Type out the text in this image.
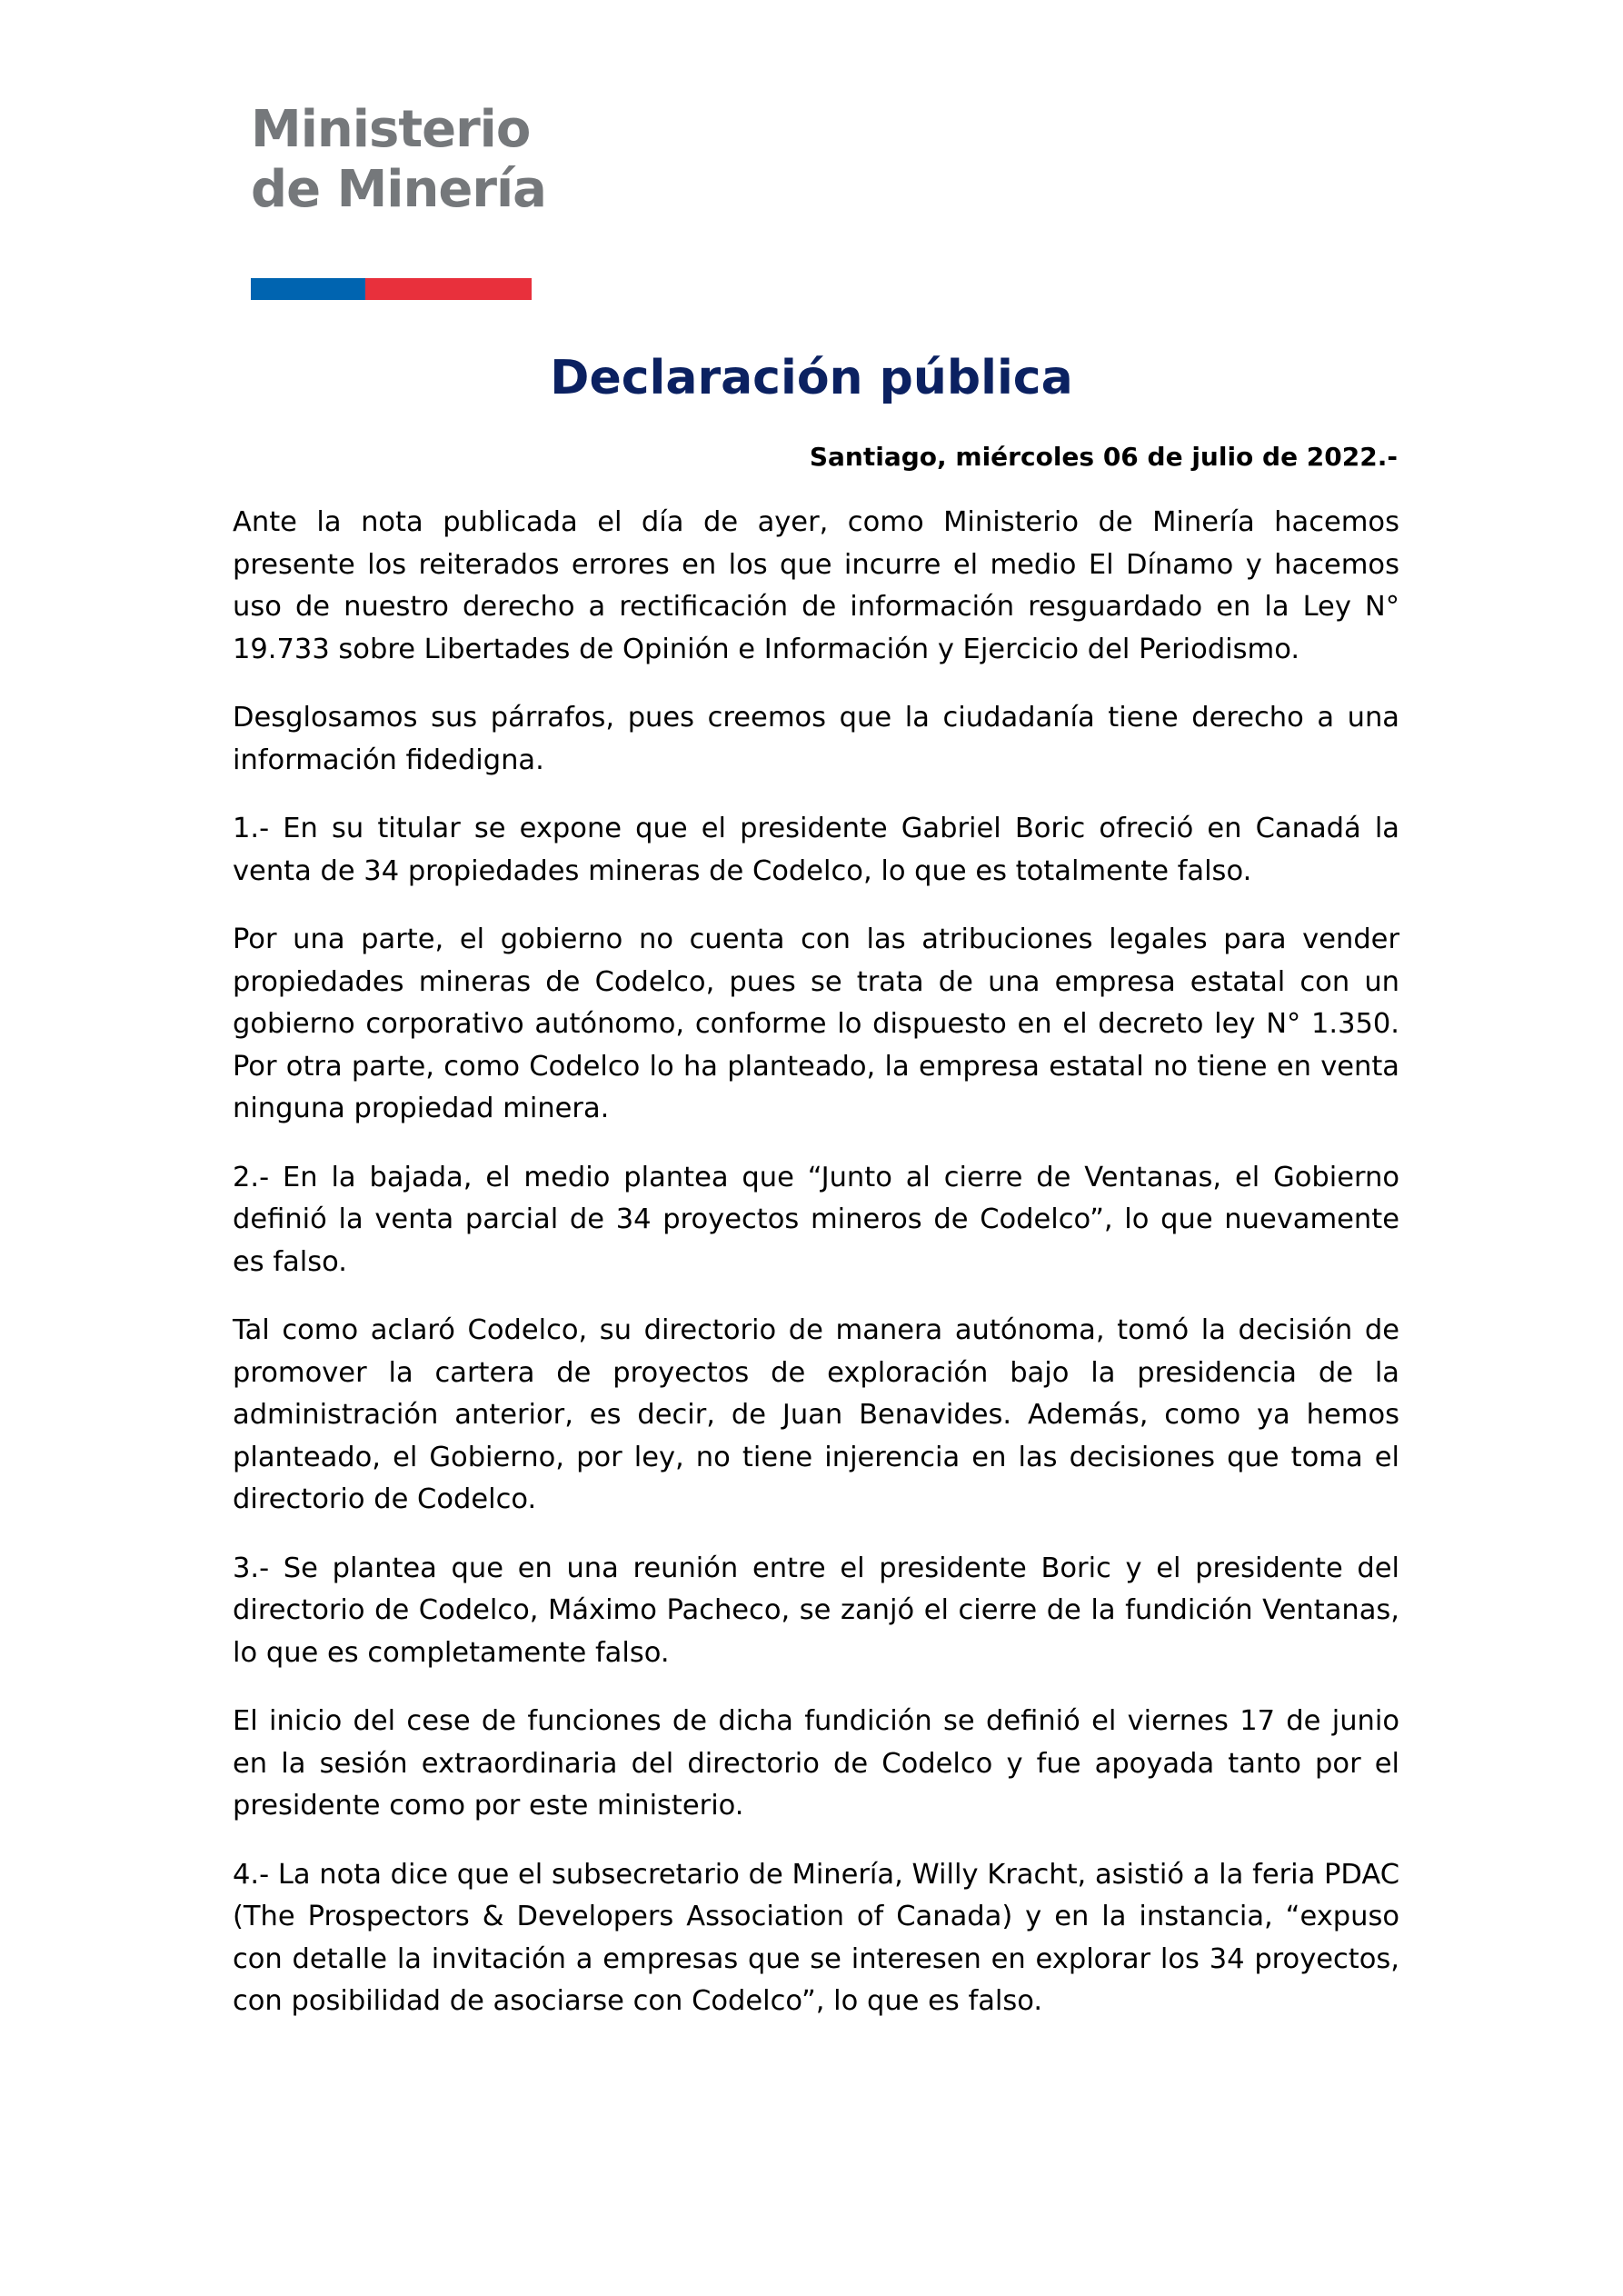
Ministerio
de Minería
Declaración pública

Santiago, miércoles 06 de julio de 2022.-

Ante la nota publicada el día de ayer, como Ministerio de Minería hacemos presente los reiterados errores en los que incurre el medio El Dínamo y hacemos uso de nuestro derecho a rectificación de información resguardado en la Ley N° 19.733 sobre Libertades de Opinión e Información y Ejercicio del Periodismo.

Desglosamos sus párrafos, pues creemos que la ciudadanía tiene derecho a una información fidedigna.

1.- En su titular se expone que el presidente Gabriel Boric ofreció en Canadá la venta de 34 propiedades mineras de Codelco, lo que es totalmente falso.

Por una parte, el gobierno no cuenta con las atribuciones legales para vender propiedades mineras de Codelco, pues se trata de una empresa estatal con un gobierno corporativo autónomo, conforme lo dispuesto en el decreto ley N° 1.350. Por otra parte, como Codelco lo ha planteado, la empresa estatal no tiene en venta ninguna propiedad minera.

2.- En la bajada, el medio plantea que “Junto al cierre de Ventanas, el Gobierno definió la venta parcial de 34 proyectos mineros de Codelco”, lo que nuevamente es falso.

Tal como aclaró Codelco, su directorio de manera autónoma, tomó la decisión de promover la cartera de proyectos de exploración bajo la presidencia de la administración anterior, es decir, de Juan Benavides. Además, como ya hemos planteado, el Gobierno, por ley, no tiene injerencia en las decisiones que toma el directorio de Codelco.

3.- Se plantea que en una reunión entre el presidente Boric y el presidente del directorio de Codelco, Máximo Pacheco, se zanjó el cierre de la fundición Ventanas, lo que es completamente falso.

El inicio del cese de funciones de dicha fundición se definió el viernes 17 de junio en la sesión extraordinaria del directorio de Codelco y fue apoyada tanto por el presidente como por este ministerio.

4.- La nota dice que el subsecretario de Minería, Willy Kracht, asistió a la feria PDAC (The Prospectors & Developers Association of Canada) y en la instancia, “expuso con detalle la invitación a empresas que se interesen en explorar los 34 proyectos, con posibilidad de asociarse con Codelco”, lo que es falso.
